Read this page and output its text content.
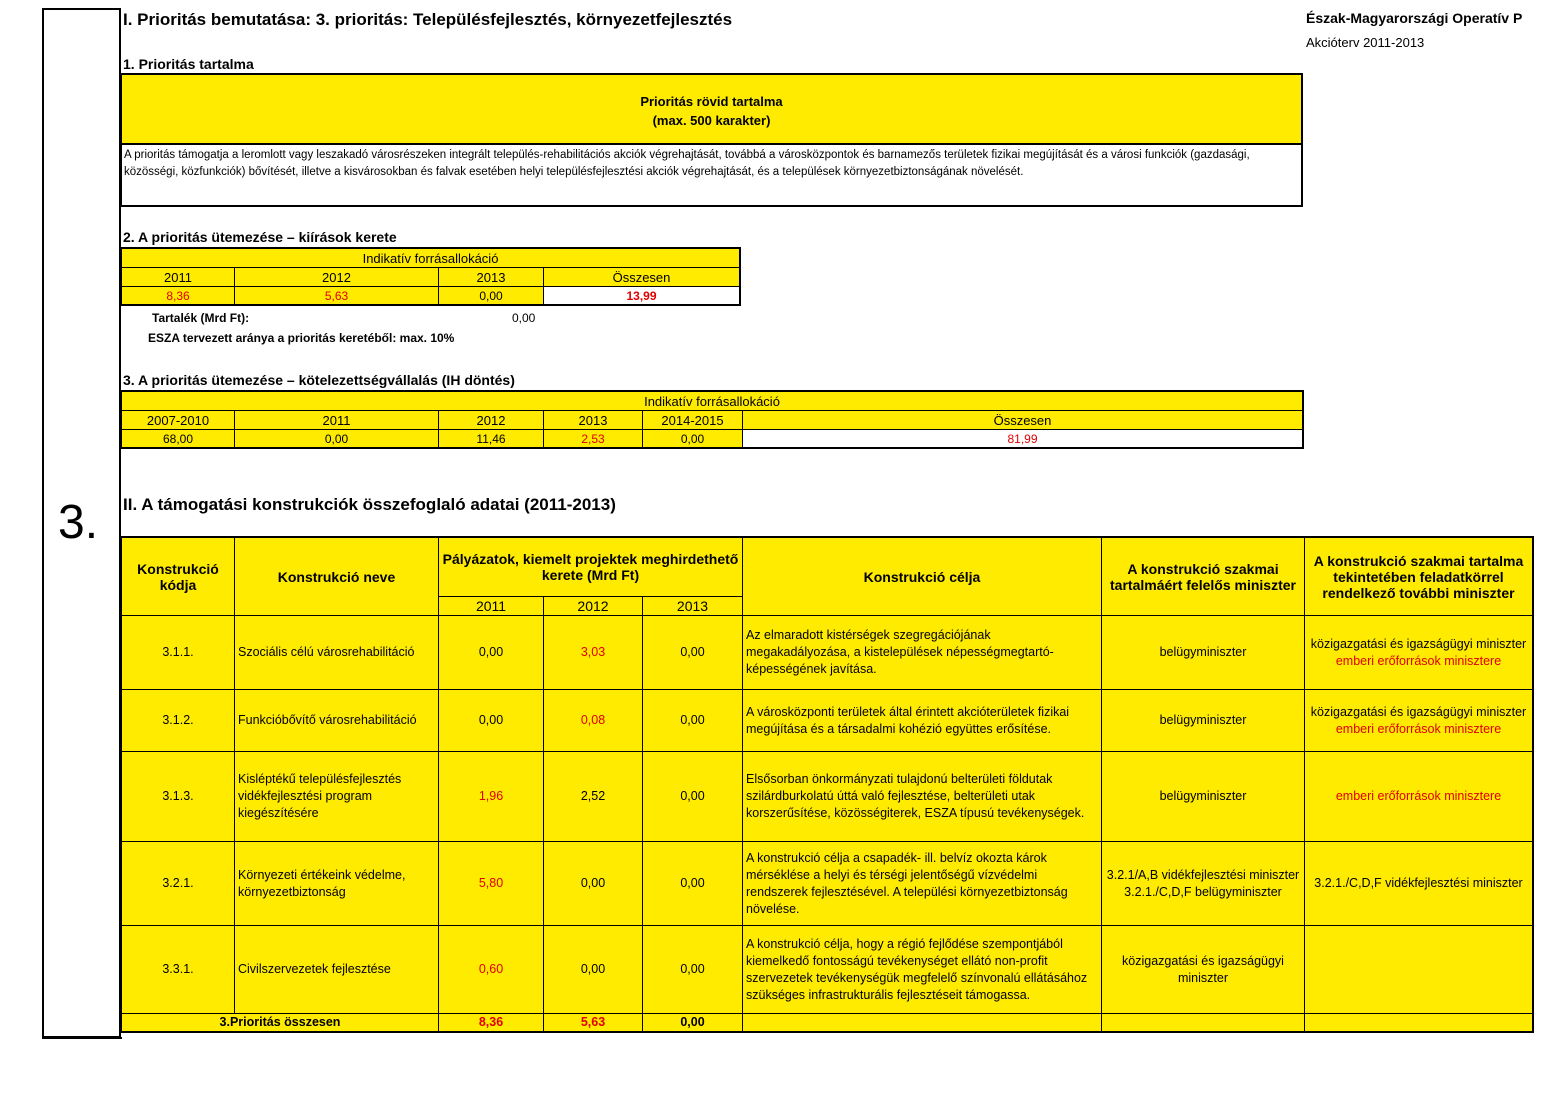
3.
I. Prioritás bemutatása: 3. prioritás: Településfejlesztés, környezetfejlesztés	Észak-Magyarországi Operatív P
Akcióterv 2011-2013
1. Prioritás tartalma
Prioritás rövid tartalma
(max. 500 karakter)
A prioritás támogatja a leromlott vagy leszakadó városrészeken integrált település-rehabilitációs akciók végrehajtását, továbbá a városközpontok és barnamezős területek fizikai megújítását és a városi funkciók (gazdasági, közösségi, közfunkciók) bővítését, illetve a kisvárosokban és falvak esetében helyi településfejlesztési akciók végrehajtását, és a települések környezetbiztonságának növelését.
2. A prioritás ütemezése – kiírások kerete
Indikatív forrásallokáció			
2011	2012	2013	Összesen
8,36	5,63	0,00	13,99
Tartalék (Mrd Ft):	0,00
ESZA tervezett aránya a prioritás keretéből: max. 10%
3. A prioritás ütemezése – kötelezettségvállalás (IH döntés)
Indikatív forrásallokáció					
2007-2010	2011	2012	2013	2014-2015	Összesen
68,00	0,00	11,46	2,53	0,00	81,99
II. A támogatási konstrukciók összefoglaló adatai (2011-2013)
Konstrukció kódja	Konstrukció neve	Pályázatok, kiemelt projektek meghirdethető kerete (Mrd Ft)			Konstrukció célja	A konstrukció szakmai tartalmáért felelős miniszter	A konstrukció szakmai tartalma tekintetében feladatkörrel rendelkező további miniszter
		2011	2012	2013			
3.1.1.	Szociális célú városrehabilitáció	0,00	3,03	0,00	Az elmaradott kistérségek szegregációjának megakadályozása, a kistelepülések népességmegtartó-képességének javítása.	belügyminiszter	közigazgatási és igazságügyi miniszter
emberi erőforrások minisztere

3.1.2.	Funkcióbővítő városrehabilitáció	0,00	0,08	0,00	A városközponti területek által érintett akcióterületek fizikai megújítása és a társadalmi kohézió együttes erősítése.	belügyminiszter	közigazgatási és igazságügyi miniszter
emberi erőforrások minisztere

3.1.3.	Kisléptékű településfejlesztés vidékfejlesztési program kiegészítésére	1,96	2,52	0,00	Elsősorban önkormányzati tulajdonú belterületi földutak szilárdburkolatú úttá való fejlesztése, belterületi utak korszerűsítése, közösségiterek, ESZA típusú tevékenységek.	belügyminiszter	emberi erőforrások minisztere

3.2.1.	Környezeti értékeink védelme, környezetbiztonság	5,80	0,00	0,00	A konstrukció célja a csapadék- ill. belvíz okozta károk mérséklése a helyi és térségi jelentőségű vízvédelmi rendszerek fejlesztésével. A települési környezetbiztonság növelése.	3.2.1/A,B vidékfejlesztési miniszter 3.2.1./C,D,F belügyminiszter	3.2.1./C,D,F vidékfejlesztési miniszter

3.3.1.	Civilszervezetek fejlesztése	0,60	0,00	0,00	A konstrukció célja, hogy a régió fejlődése szempontjából kiemelkedő fontosságú tevékenységet ellátó non-profit szervezetek tevékenységük megfelelő színvonalú ellátásához szükséges infrastrukturális fejlesztéseit támogassa.	közigazgatási és igazságügyi miniszter	

3.Prioritás összesen		8,36	5,63	0,00			
